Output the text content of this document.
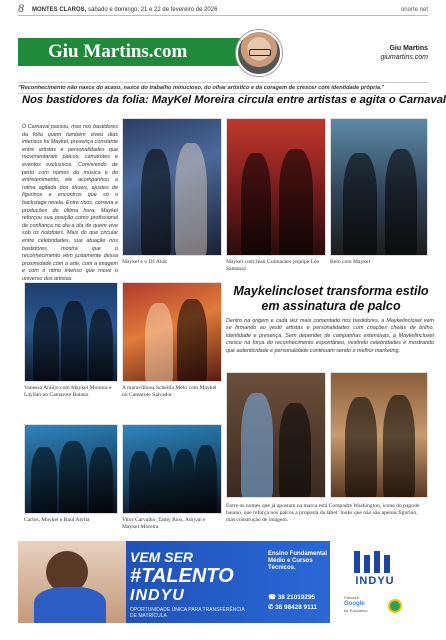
8 MONTES CLAROS, sábado e domingo, 21 e 22 de fevereiro de 2026	onorte.net
Giu Martins.com	Giu Martins
giumartins.com
"Reconhecimento não nasce do acaso, nasce do trabalho minucioso, do olhar artístico e da coragem de crescer com identidade própria."
Nos bastidores da folia: MayKel Moreira circula entre artistas e agita o Carnaval
O Carnaval passou, mas nos bastidores da folia quem também viveu dias intensos foi Maykel, presença constante entre artistas e personalidades que movimentaram palcos, camarotes e eventos exclusivos. Convivendo de perto com nomes do música e do entretenimento, ele acompanhou a rotina agitada dos shows, ajustes de figurinos e encontros que só o backstage revela. Entre risos, correria e produções de última hora, Maykel reforçou sua posição como profissional de confiança no dia a dia de quem vive sob os holofotes. Mais do que circular entre celebridades, sua atuação nos bastidores mostra que o reconhecimento vem justamente dessa proximidade com a arte, com a imagem e com o ritmo intenso que move o universo dos artistas.
Maykel e o DJ Alok	Maykel com Jean Guimarães (equipe Léo Santana)
Belo com Maykel
Vanessa Araújo com Maykel Moreira e Layllan no Camarote Baiano
A maravilhosa Scheilla Melo com Maykel no Camarote Salvador
Carlos, Maykel e Raul Atylla	Vitor Carvalho, Tamy Ríos, Adryan e Maykel Moreira
Maykelincloset transforma estilo em assinatura de palco
Dentro na origem e cada vez mais comentado nos bastidores, a Maykelincloset vem se firmando ao vestir artistas e personalidades com criações cheias de brilho, identidade e presença. Sem depender de campanhas extensivas, a Maykelincloset cresce na força do reconhecimento espontâneo, vestindo celebridades e mostrando que autenticidade e personalidade continuam sendo o melhor marketing.
Entre os nomes que já apostam na marca está Compadre Washington, ícone do pagode baiano, que reforça nos palcos a proposta da label: looks que não são apenas figurino, mas construção de imagem.
VEM SER
#TALENTO
INDYU
OPORTUNIDADE ÚNICA PARA TRANSFERÊNCIA DE MATRÍCULA
Ensino Fundamental Médio e Cursos Técnicos.
☎ 38 21019295
✆ 38 98428 9111
INDYU
Parceira
Google
for Education
